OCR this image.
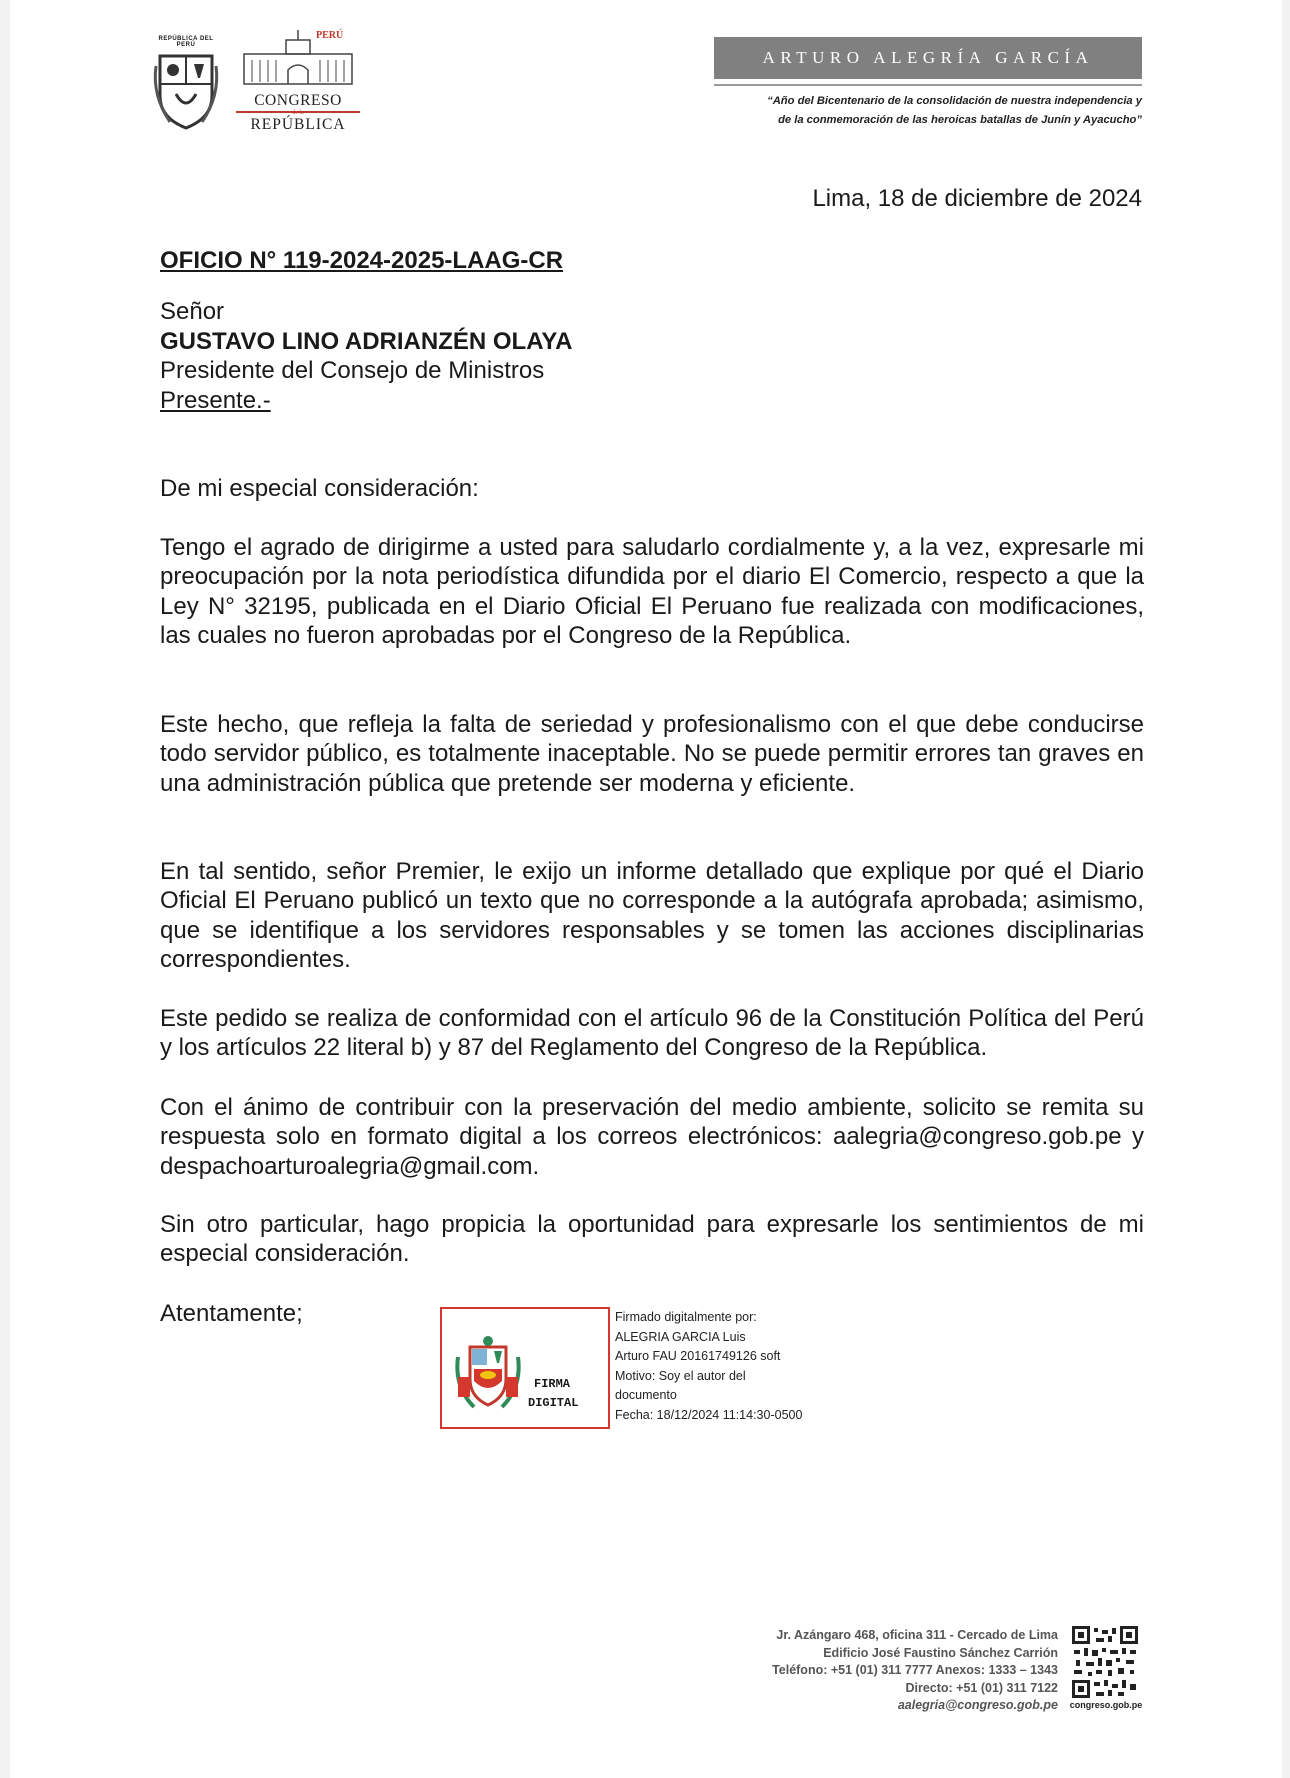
REPÚBLICA DEL PERÚ
PERÚ
CONGRESO
de la
REPÚBLICA
ARTURO ALEGRÍA GARCÍA
“Año del Bicentenario de la consolidación de nuestra independencia y
de la conmemoración de las heroicas batallas de Junín y Ayacucho”
Lima, 18 de diciembre de 2024
OFICIO N° 119-2024-2025-LAAG-CR
Señor
GUSTAVO LINO ADRIANZÉN OLAYA
Presidente del Consejo de Ministros
Presente.-
De mi especial consideración:
Tengo el agrado de dirigirme a usted para saludarlo cordialmente y, a la vez, expresarle mi preocupación por la nota periodística difundida por el diario El Comercio, respecto a que la Ley N° 32195, publicada en el Diario Oficial El Peruano fue realizada con modificaciones, las cuales no fueron aprobadas por el Congreso de la República.
Este hecho, que refleja la falta de seriedad y profesionalismo con el que debe conducirse todo servidor público, es totalmente inaceptable. No se puede permitir errores tan graves en una administración pública que pretende ser moderna y eficiente.
En tal sentido, señor Premier, le exijo un informe detallado que explique por qué el Diario Oficial El Peruano publicó un texto que no corresponde a la autógrafa aprobada; asimismo, que se identifique a los servidores responsables y se tomen las acciones disciplinarias correspondientes.
Este pedido se realiza de conformidad con el artículo 96 de la Constitución Política del Perú y los artículos 22 literal b) y 87 del Reglamento del Congreso de la República.
Con el ánimo de contribuir con la preservación del medio ambiente, solicito se remita su respuesta solo en formato digital a los correos electrónicos: aalegria@congreso.gob.pe y despachoarturoalegria@gmail.com.
Sin otro particular, hago propicia la oportunidad para expresarle los sentimientos de mi especial consideración.
Atentamente;
FIRMA
DIGITAL
Firmado digitalmente por:
ALEGRIA GARCIA Luis
Arturo FAU 20161749126 soft
Motivo: Soy el autor del
documento
Fecha: 18/12/2024 11:14:30-0500
Jr. Azángaro 468, oficina 311 - Cercado de Lima
Edificio José Faustino Sánchez Carrión
Teléfono: +51 (01) 311 7777 Anexos: 1333 – 1343
Directo: +51 (01) 311 7122
aalegria@congreso.gob.pe congreso.gob.pe
